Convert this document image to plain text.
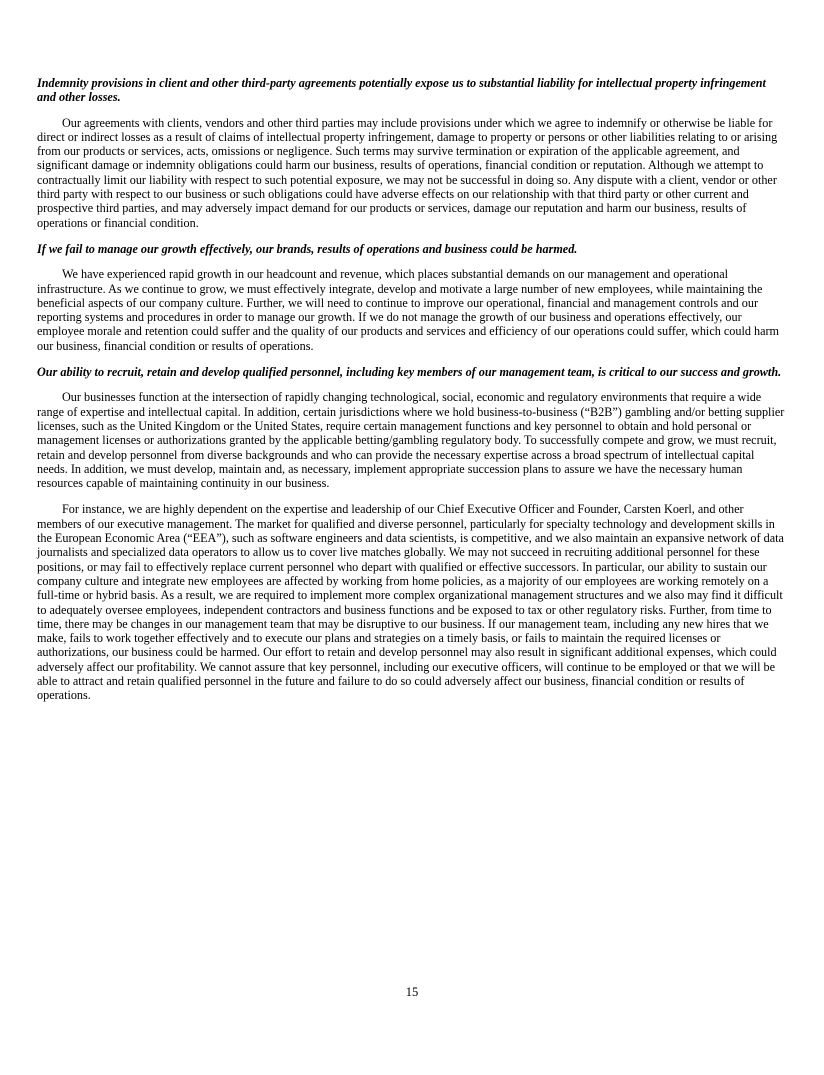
Indemnity provisions in client and other third-party agreements potentially expose us to substantial liability for intellectual property infringement and other losses.

Our agreements with clients, vendors and other third parties may include provisions under which we agree to indemnify or otherwise be liable for direct or indirect losses as a result of claims of intellectual property infringement, damage to property or persons or other liabilities relating to or arising from our products or services, acts, omissions or negligence. Such terms may survive termination or expiration of the applicable agreement, and significant damage or indemnity obligations could harm our business, results of operations, financial condition or reputation. Although we attempt to contractually limit our liability with respect to such potential exposure, we may not be successful in doing so. Any dispute with a client, vendor or other third party with respect to our business or such obligations could have adverse effects on our relationship with that third party or other current and prospective third parties, and may adversely impact demand for our products or services, damage our reputation and harm our business, results of operations or financial condition.

If we fail to manage our growth effectively, our brands, results of operations and business could be harmed.

We have experienced rapid growth in our headcount and revenue, which places substantial demands on our management and operational infrastructure. As we continue to grow, we must effectively integrate, develop and motivate a large number of new employees, while maintaining the beneficial aspects of our company culture. Further, we will need to continue to improve our operational, financial and management controls and our reporting systems and procedures in order to manage our growth. If we do not manage the growth of our business and operations effectively, our employee morale and retention could suffer and the quality of our products and services and efficiency of our operations could suffer, which could harm our business, financial condition or results of operations.

Our ability to recruit, retain and develop qualified personnel, including key members of our management team, is critical to our success and growth.

Our businesses function at the intersection of rapidly changing technological, social, economic and regulatory environments that require a wide range of expertise and intellectual capital. In addition, certain jurisdictions where we hold business-to-business (“B2B”) gambling and/or betting supplier licenses, such as the United Kingdom or the United States, require certain management functions and key personnel to obtain and hold personal or management licenses or authorizations granted by the applicable betting/gambling regulatory body. To successfully compete and grow, we must recruit, retain and develop personnel from diverse backgrounds and who can provide the necessary expertise across a broad spectrum of intellectual capital needs. In addition, we must develop, maintain and, as necessary, implement appropriate succession plans to assure we have the necessary human resources capable of maintaining continuity in our business.

For instance, we are highly dependent on the expertise and leadership of our Chief Executive Officer and Founder, Carsten Koerl, and other members of our executive management. The market for qualified and diverse personnel, particularly for specialty technology and development skills in the European Economic Area (“EEA”), such as software engineers and data scientists, is competitive, and we also maintain an expansive network of data journalists and specialized data operators to allow us to cover live matches globally. We may not succeed in recruiting additional personnel for these positions, or may fail to effectively replace current personnel who depart with qualified or effective successors. In particular, our ability to sustain our company culture and integrate new employees are affected by working from home policies, as a majority of our employees are working remotely on a full-time or hybrid basis. As a result, we are required to implement more complex organizational management structures and we also may find it difficult to adequately oversee employees, independent contractors and business functions and be exposed to tax or other regulatory risks. Further, from time to time, there may be changes in our management team that may be disruptive to our business. If our management team, including any new hires that we make, fails to work together effectively and to execute our plans and strategies on a timely basis, or fails to maintain the required licenses or authorizations, our business could be harmed. Our effort to retain and develop personnel may also result in significant additional expenses, which could adversely affect our profitability. We cannot assure that key personnel, including our executive officers, will continue to be employed or that we will be able to attract and retain qualified personnel in the future and failure to do so could adversely affect our business, financial condition or results of operations.

15
